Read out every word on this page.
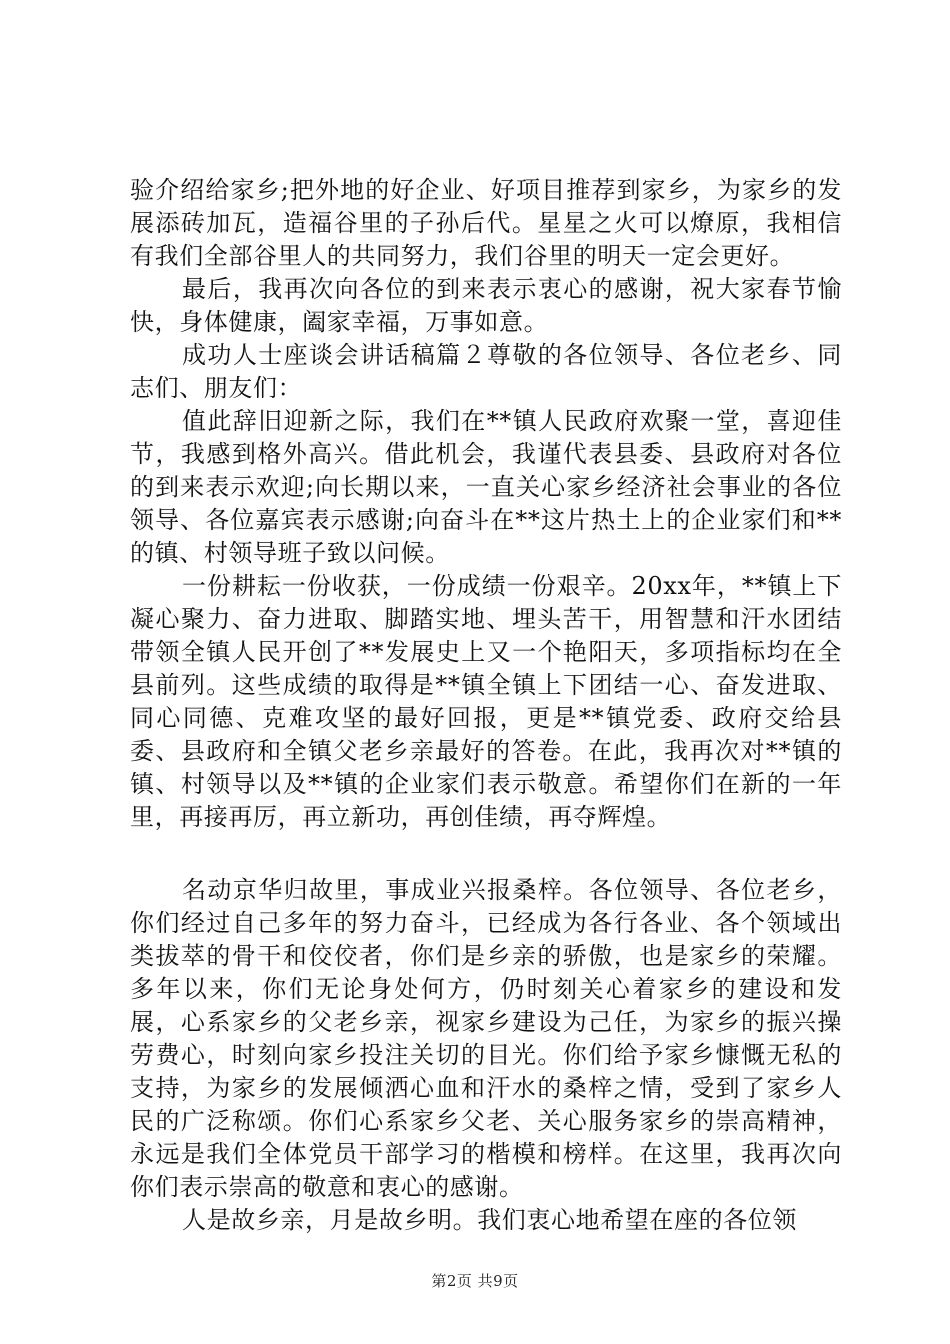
验介绍给家乡;把外地的好企业、好项目推荐到家乡，为家乡的发展添砖加瓦，造福谷里的子孙后代。星星之火可以燎原，我相信有我们全部谷里人的共同努力，我们谷里的明天一定会更好。

最后，我再次向各位的到来表示衷心的感谢，祝大家春节愉快，身体健康，阖家幸福，万事如意。

成功人士座谈会讲话稿篇２尊敬的各位领导、各位老乡、同志们、朋友们：

值此辞旧迎新之际，我们在**镇人民政府欢聚一堂，喜迎佳节，我感到格外高兴。借此机会，我谨代表县委、县政府对各位的到来表示欢迎;向长期以来，一直关心家乡经济社会事业的各位领导、各位嘉宾表示感谢;向奋斗在**这片热土上的企业家们和**的镇、村领导班子致以问候。

一份耕耘一份收获，一份成绩一份艰辛。20xx年，**镇上下凝心聚力、奋力进取、脚踏实地、埋头苦干，用智慧和汗水团结带领全镇人民开创了**发展史上又一个艳阳天，多项指标均在全县前列。这些成绩的取得是**镇全镇上下团结一心、奋发进取、同心同德、克难攻坚的最好回报，更是**镇党委、政府交给县委、县政府和全镇父老乡亲最好的答卷。在此，我再次对**镇的镇、村领导以及**镇的企业家们表示敬意。希望你们在新的一年里，再接再厉，再立新功，再创佳绩，再夺辉煌。

名动京华归故里，事成业兴报桑梓。各位领导、各位老乡，你们经过自己多年的努力奋斗，已经成为各行各业、各个领域出类拔萃的骨干和佼佼者，你们是乡亲的骄傲，也是家乡的荣耀。多年以来，你们无论身处何方，仍时刻关心着家乡的建设和发展，心系家乡的父老乡亲，视家乡建设为己任，为家乡的振兴操劳费心，时刻向家乡投注关切的目光。你们给予家乡慷慨无私的支持，为家乡的发展倾洒心血和汗水的桑梓之情，受到了家乡人民的广泛称颂。你们心系家乡父老、关心服务家乡的崇高精神，永远是我们全体党员干部学习的楷模和榜样。在这里，我再次向你们表示崇高的敬意和衷心的感谢。

人是故乡亲，月是故乡明。我们衷心地希望在座的各位领

第2页 共9页
